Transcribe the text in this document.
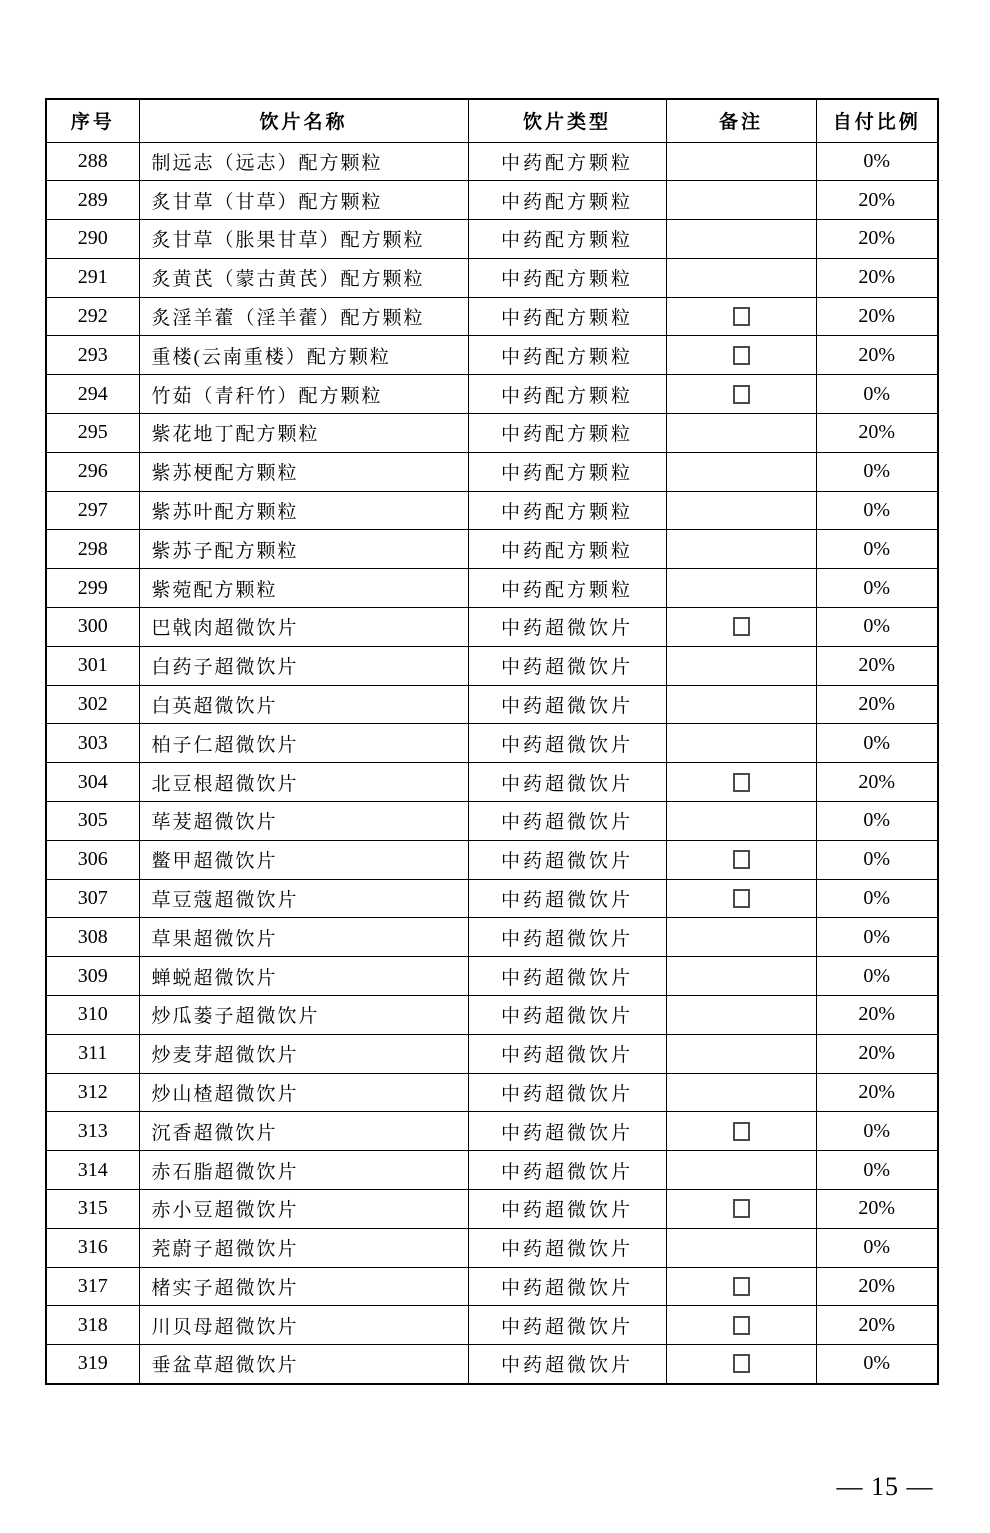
序号	饮片名称	饮片类型	备注	自付比例
288	制远志（远志）配方颗粒	中药配方颗粒		0%
289	炙甘草（甘草）配方颗粒	中药配方颗粒		20%
290	炙甘草（胀果甘草）配方颗粒	中药配方颗粒		20%
291	炙黄芪（蒙古黄芪）配方颗粒	中药配方颗粒		20%
292	炙淫羊藿（淫羊藿）配方颗粒	中药配方颗粒		20%
293	重楼(云南重楼）配方颗粒	中药配方颗粒		20%
294	竹茹（青秆竹）配方颗粒	中药配方颗粒		0%
295	紫花地丁配方颗粒	中药配方颗粒		20%
296	紫苏梗配方颗粒	中药配方颗粒		0%
297	紫苏叶配方颗粒	中药配方颗粒		0%
298	紫苏子配方颗粒	中药配方颗粒		0%
299	紫菀配方颗粒	中药配方颗粒		0%
300	巴戟肉超微饮片	中药超微饮片		0%
301	白药子超微饮片	中药超微饮片		20%
302	白英超微饮片	中药超微饮片		20%
303	柏子仁超微饮片	中药超微饮片		0%
304	北豆根超微饮片	中药超微饮片		20%
305	荜茇超微饮片	中药超微饮片		0%
306	鳖甲超微饮片	中药超微饮片		0%
307	草豆蔻超微饮片	中药超微饮片		0%
308	草果超微饮片	中药超微饮片		0%
309	蝉蜕超微饮片	中药超微饮片		0%
310	炒瓜蒌子超微饮片	中药超微饮片		20%
311	炒麦芽超微饮片	中药超微饮片		20%
312	炒山楂超微饮片	中药超微饮片		20%
313	沉香超微饮片	中药超微饮片		0%
314	赤石脂超微饮片	中药超微饮片		0%
315	赤小豆超微饮片	中药超微饮片		20%
316	茺蔚子超微饮片	中药超微饮片		0%
317	楮实子超微饮片	中药超微饮片		20%
318	川贝母超微饮片	中药超微饮片		20%
319	垂盆草超微饮片	中药超微饮片		0%
— 15 —
